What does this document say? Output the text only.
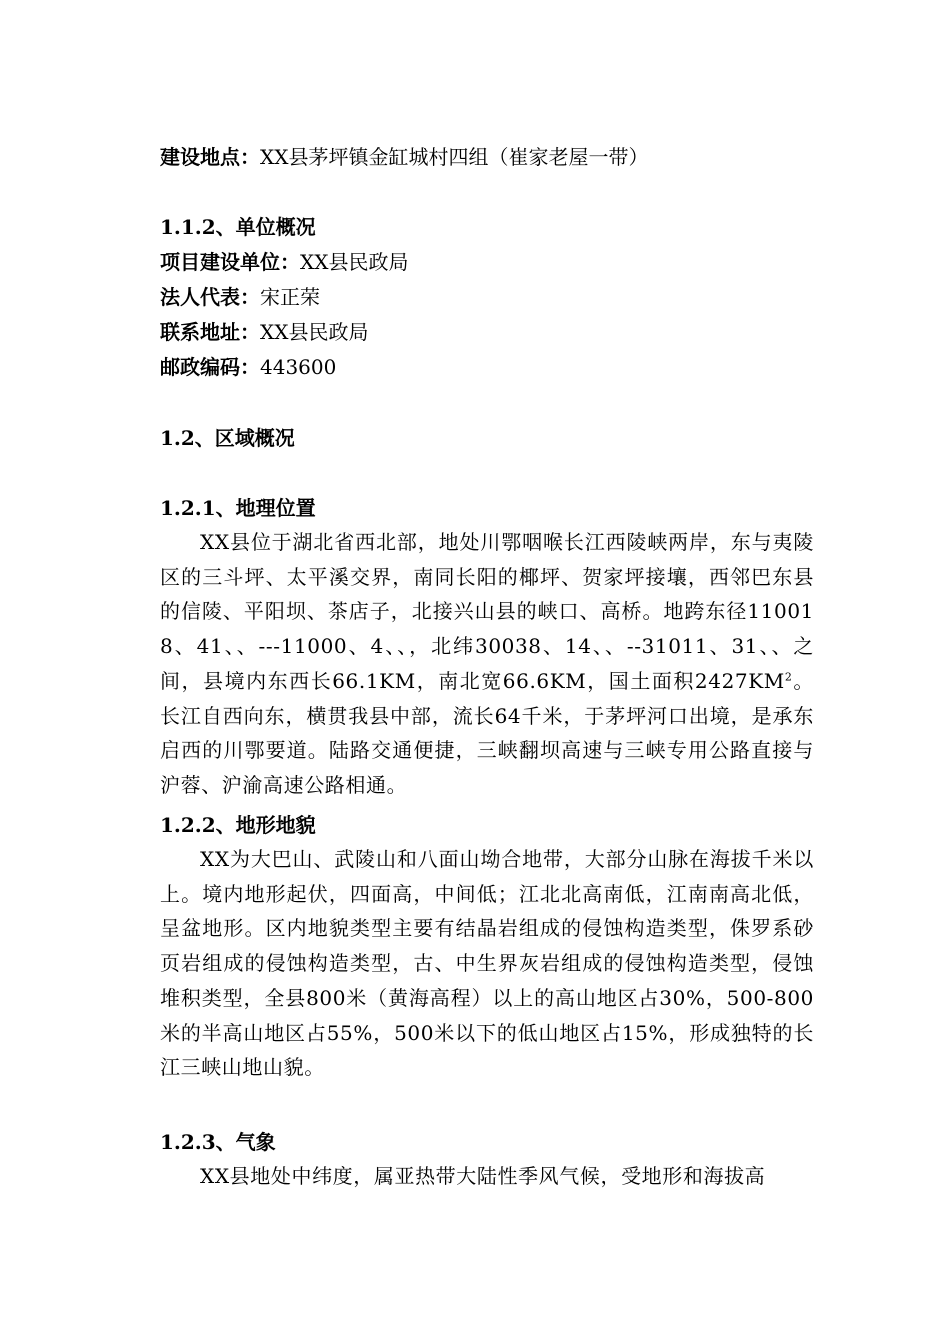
建设地点：XX县茅坪镇金缸城村四组（崔家老屋一带）
1.1.2、单位概况
项目建设单位：XX县民政局
法人代表：宋正荣
联系地址：XX县民政局
邮政编码：443600
1.2、区域概况
1.2.1、地理位置
XX县位于湖北省西北部，地处川鄂咽喉长江西陵峡两岸，东与夷陵区的三斗坪、太平溪交界，南同长阳的椰坪、贺家坪接壤，西邻巴东县的信陵、平阳坝、茶店子，北接兴山县的峡口、高桥。地跨东径110018、41、、---11000、4、、，北纬30038、14、、--31011、31、、之间，县境内东西长66.1KM，南北宽66.6KM，国土面积$2427KM^2$。长江自西向东，横贯我县中部，流长64千米，于茅坪河口出境，是承东启西的川鄂要道。陆路交通便捷，三峡翻坝高速与三峡专用公路直接与沪蓉、沪渝高速公路相通。
1.2.2、地形地貌
XX为大巴山、武陵山和八面山坳合地带，大部分山脉在海拔千米以上。境内地形起伏，四面高，中间低；江北北高南低，江南南高北低，呈盆地形。区内地貌类型主要有结晶岩组成的侵蚀构造类型，侏罗系砂页岩组成的侵蚀构造类型，古、中生界灰岩组成的侵蚀构造类型，侵蚀堆积类型，全县800米（黄海高程）以上的高山地区占30%，500-800米的半高山地区占55%，500米以下的低山地区占15%，形成独特的长江三峡山地山貌。
1.2.3、气象
XX县地处中纬度，属亚热带大陆性季风气候，受地形和海拔高
